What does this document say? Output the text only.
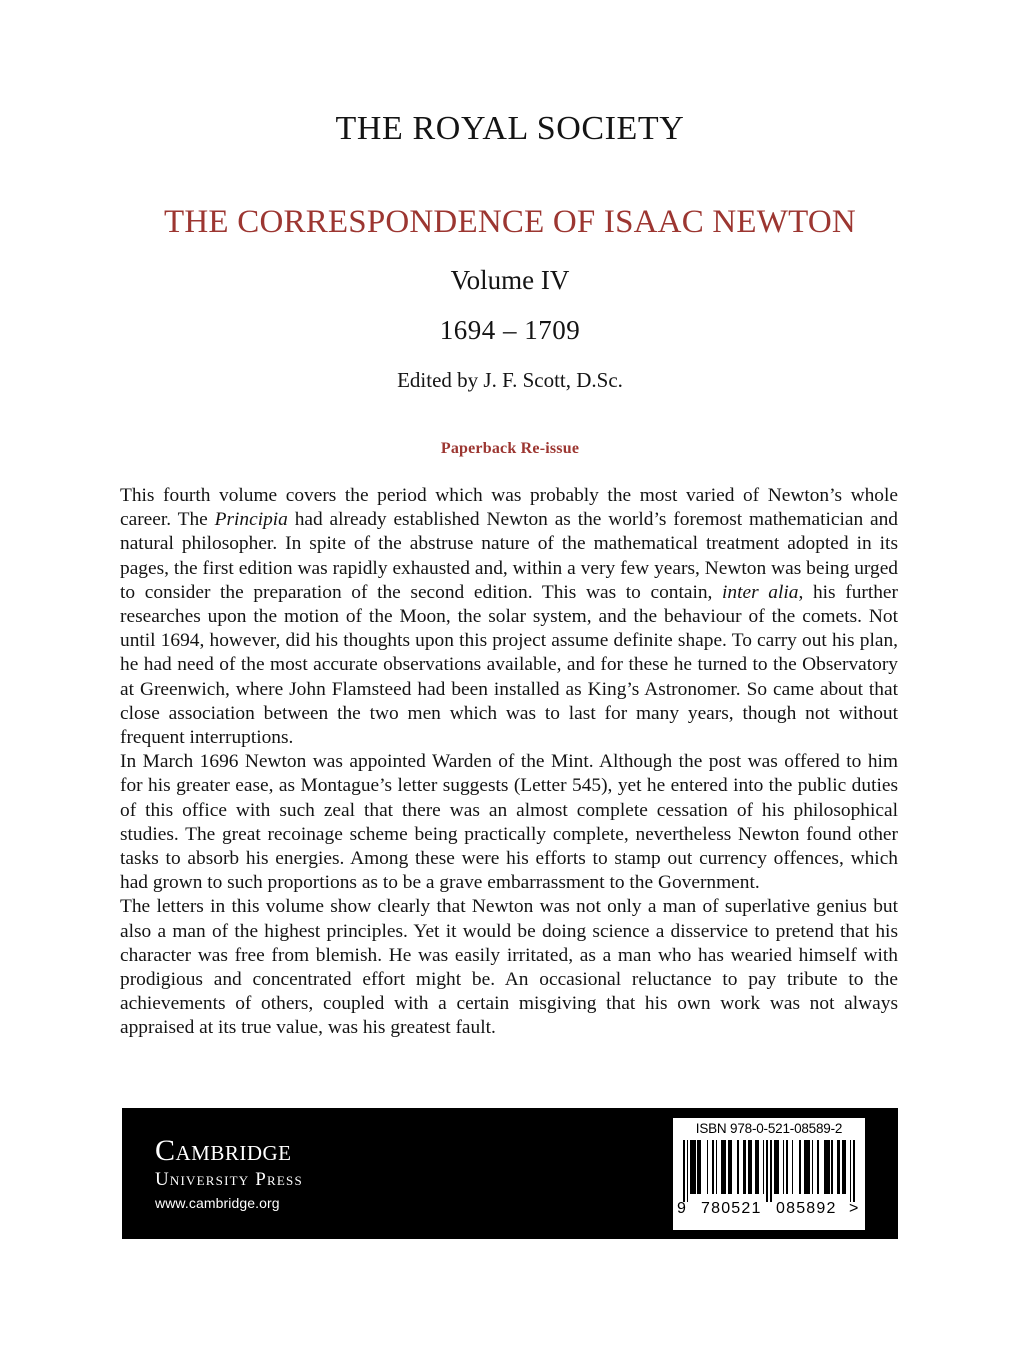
THE ROYAL SOCIETY
THE CORRESPONDENCE OF ISAAC NEWTON
Volume IV
1694 – 1709
Edited by J. F. Scott, D.Sc.
Paperback Re-issue

This fourth volume covers the period which was probably the most varied of Newton’s whole career. The Principia had already established Newton as the world’s foremost mathematician and natural philosopher. In spite of the abstruse nature of the mathematical treatment adopted in its pages, the first edition was rapidly exhausted and, within a very few years, Newton was being urged to consider the preparation of the second edition. This was to contain, inter alia, his further researches upon the motion of the Moon, the solar system, and the behaviour of the comets. Not until 1694, however, did his thoughts upon this project assume definite shape. To carry out his plan, he had need of the most accurate observations available, and for these he turned to the Observatory at Greenwich, where John Flamsteed had been installed as King’s Astronomer. So came about that close association between the two men which was to last for many years, though not without frequent interruptions.

In March 1696 Newton was appointed Warden of the Mint. Although the post was offered to him for his greater ease, as Montague’s letter suggests (Letter 545), yet he entered into the public duties of this office with such zeal that there was an almost complete cessation of his philosophical studies. The great recoinage scheme being practically complete, nevertheless Newton found other tasks to absorb his energies. Among these were his efforts to stamp out currency offences, which had grown to such proportions as to be a grave embarrassment to the Government.

The letters in this volume show clearly that Newton was not only a man of superlative genius but also a man of the highest principles. Yet it would be doing science a disservice to pretend that his character was free from blemish. He was easily irritated, as a man who has wearied himself with prodigious and concentrated effort might be. An occasional reluctance to pay tribute to the achievements of others, coupled with a certain misgiving that his own work was not always appraised at its true value, was his greatest fault.

Cambridge
University Press
www.cambridge.org
ISBN 978-0-521-08589-2
9 780521 085892 >
